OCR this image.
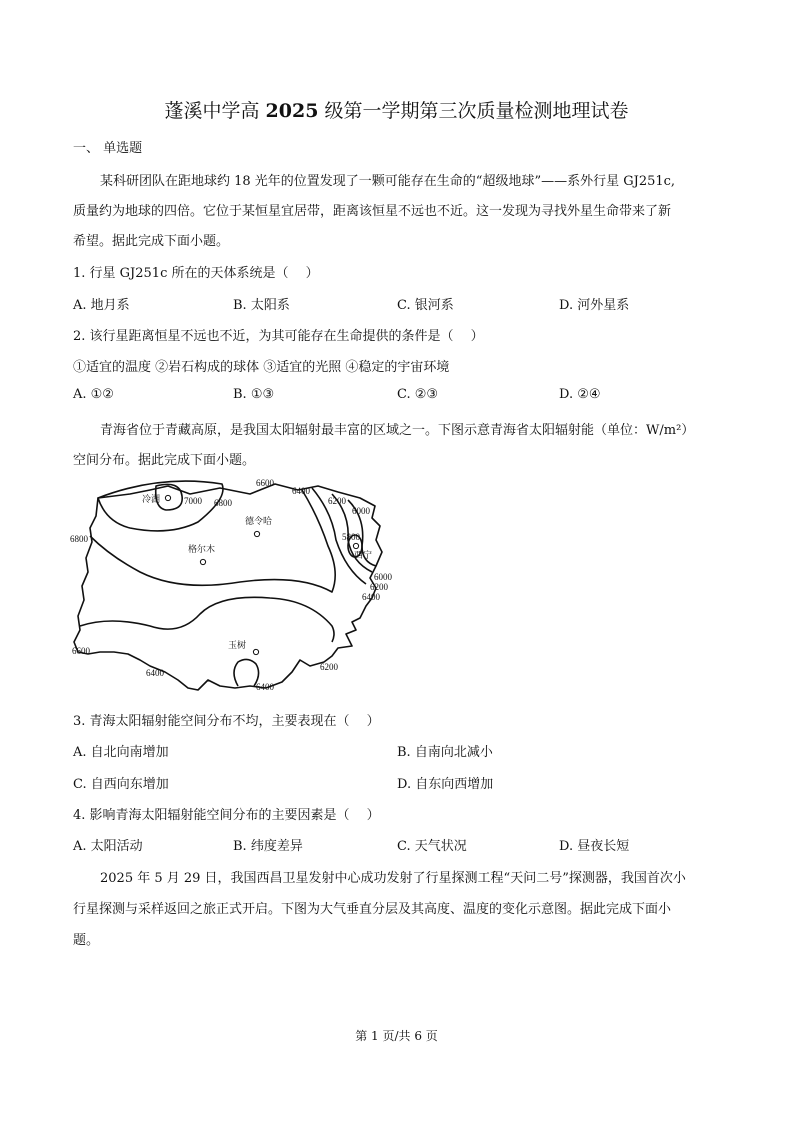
蓬溪中学高 2025 级第一学期第三次质量检测地理试卷
一、 单选题
某科研团队在距地球约 18 光年的位置发现了一颗可能存在生命的“超级地球”——系外行星 GJ251c,
质量约为地球的四倍。它位于某恒星宜居带，距离该恒星不远也不近。这一发现为寻找外星生命带来了新
希望。据此完成下面小题。
1. 行星 GJ251c 所在的天体系统是（　 ）
A. 地月系	B. 太阳系	C. 银河系	D. 河外星系
2. 该行星距离恒星不远也不近，为其可能存在生命提供的条件是（　 ）
①适宜的温度 ②岩石构成的球体 ③适宜的光照 ④稳定的宇宙环境
A. ①②	B. ①③	C. ②③	D. ②④
青海省位于青藏高原，是我国太阳辐射最丰富的区域之一。下图示意青海省太阳辐射能（单位：W/m²）
空间分布。据此完成下面小题。
冷湖
德令哈
格尔木
西宁
玉树
7000 6800
6600
6400
6200
6000
5800
6800
6000
6200
6400
6600
6400
6400
6200
3. 青海太阳辐射能空间分布不均，主要表现在（　 ）
A. 自北向南增加	B. 自南向北减小
C. 自西向东增加	D. 自东向西增加
4. 影响青海太阳辐射能空间分布的主要因素是（　 ）
A. 太阳活动	B. 纬度差异	C. 天气状况	D. 昼夜长短
2025 年 5 月 29 日，我国西昌卫星发射中心成功发射了行星探测工程“天问二号”探测器，我国首次小
行星探测与采样返回之旅正式开启。下图为大气垂直分层及其高度、温度的变化示意图。据此完成下面小
题。
第 1 页/共 6 页
